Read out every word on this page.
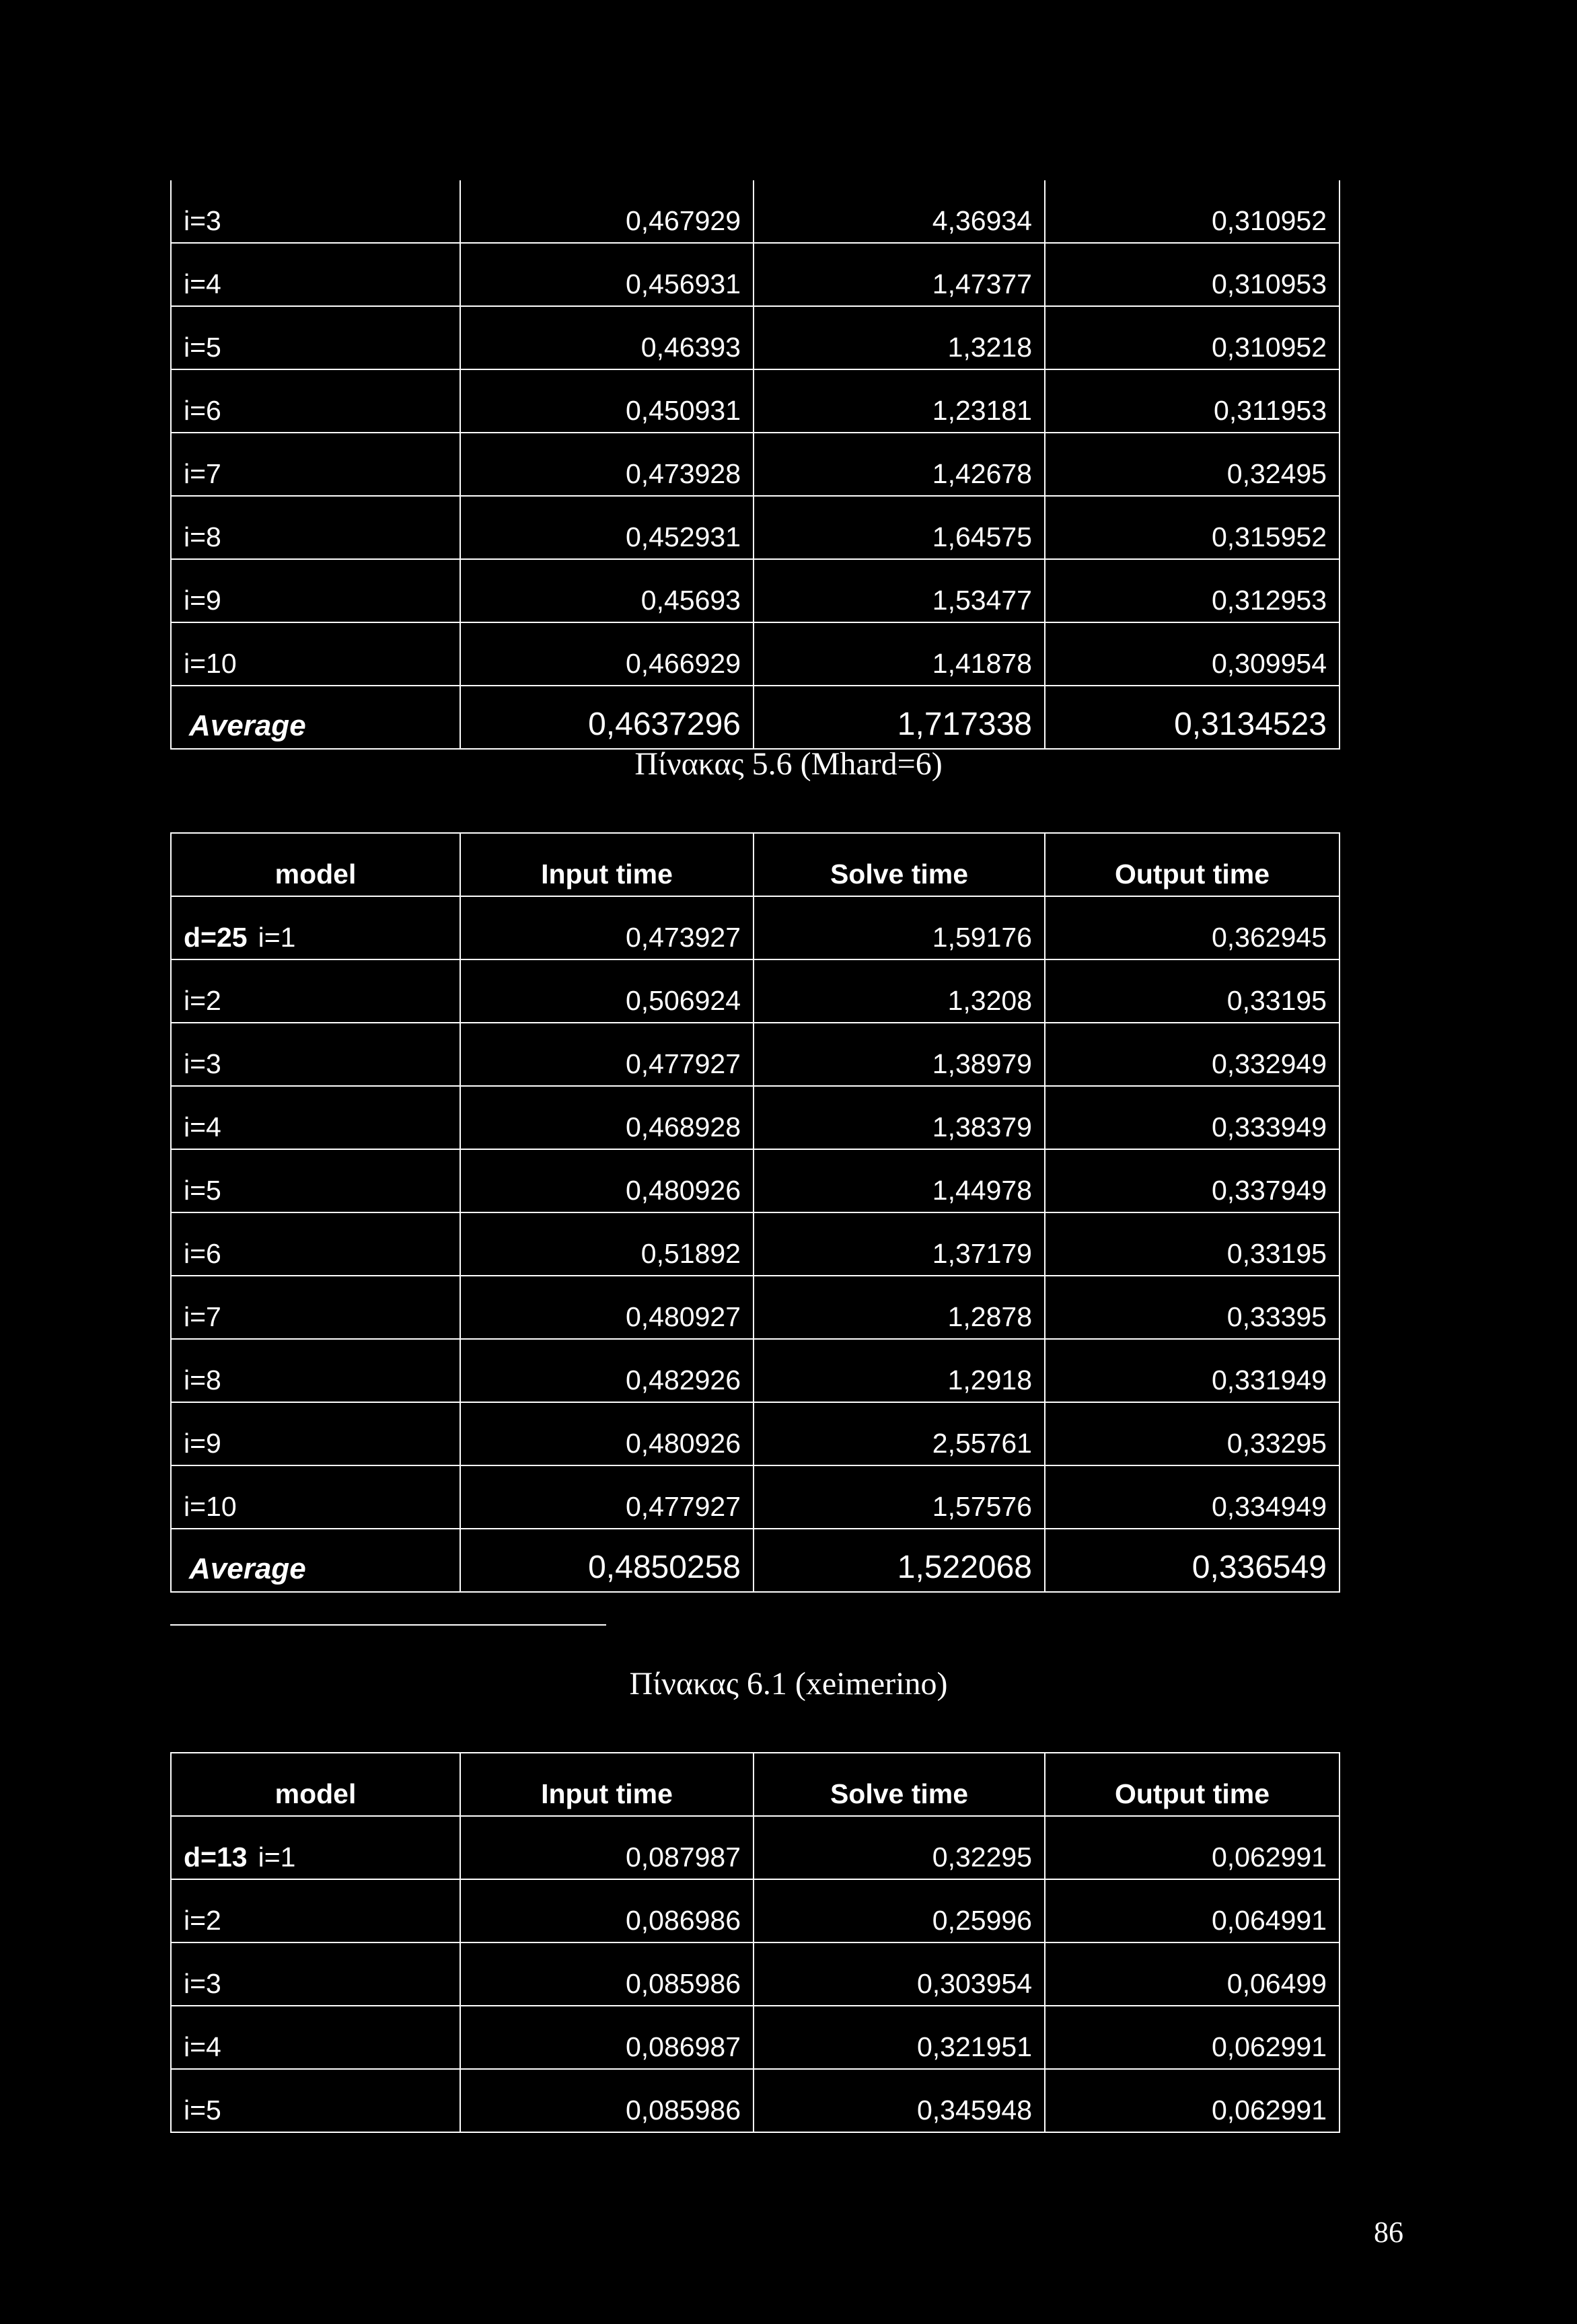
i=3	0,467929	4,36934	0,310952
i=4	0,456931	1,47377	0,310953
i=5	0,46393	1,3218	0,310952
i=6	0,450931	1,23181	0,311953
i=7	0,473928	1,42678	0,32495
i=8	0,452931	1,64575	0,315952
i=9	0,45693	1,53477	0,312953
i=10	0,466929	1,41878	0,309954
Average	0,4637296	1,717338	0,3134523
Πίνακας 5.6 (Mhard=6)
model	Input time	Solve time	Output time
d=25 i=1	0,473927	1,59176	0,362945
i=2	0,506924	1,3208	0,33195
i=3	0,477927	1,38979	0,332949
i=4	0,468928	1,38379	0,333949
i=5	0,480926	1,44978	0,337949
i=6	0,51892	1,37179	0,33195
i=7	0,480927	1,2878	0,33395
i=8	0,482926	1,2918	0,331949
i=9	0,480926	2,55761	0,33295
i=10	0,477927	1,57576	0,334949
Average	0,4850258	1,522068	0,336549
Πίνακας 6.1 (xeimerino)
model	Input time	Solve time	Output time
d=13 i=1	0,087987	0,32295	0,062991
i=2	0,086986	0,25996	0,064991
i=3	0,085986	0,303954	0,06499
i=4	0,086987	0,321951	0,062991
i=5	0,085986	0,345948	0,062991
86
